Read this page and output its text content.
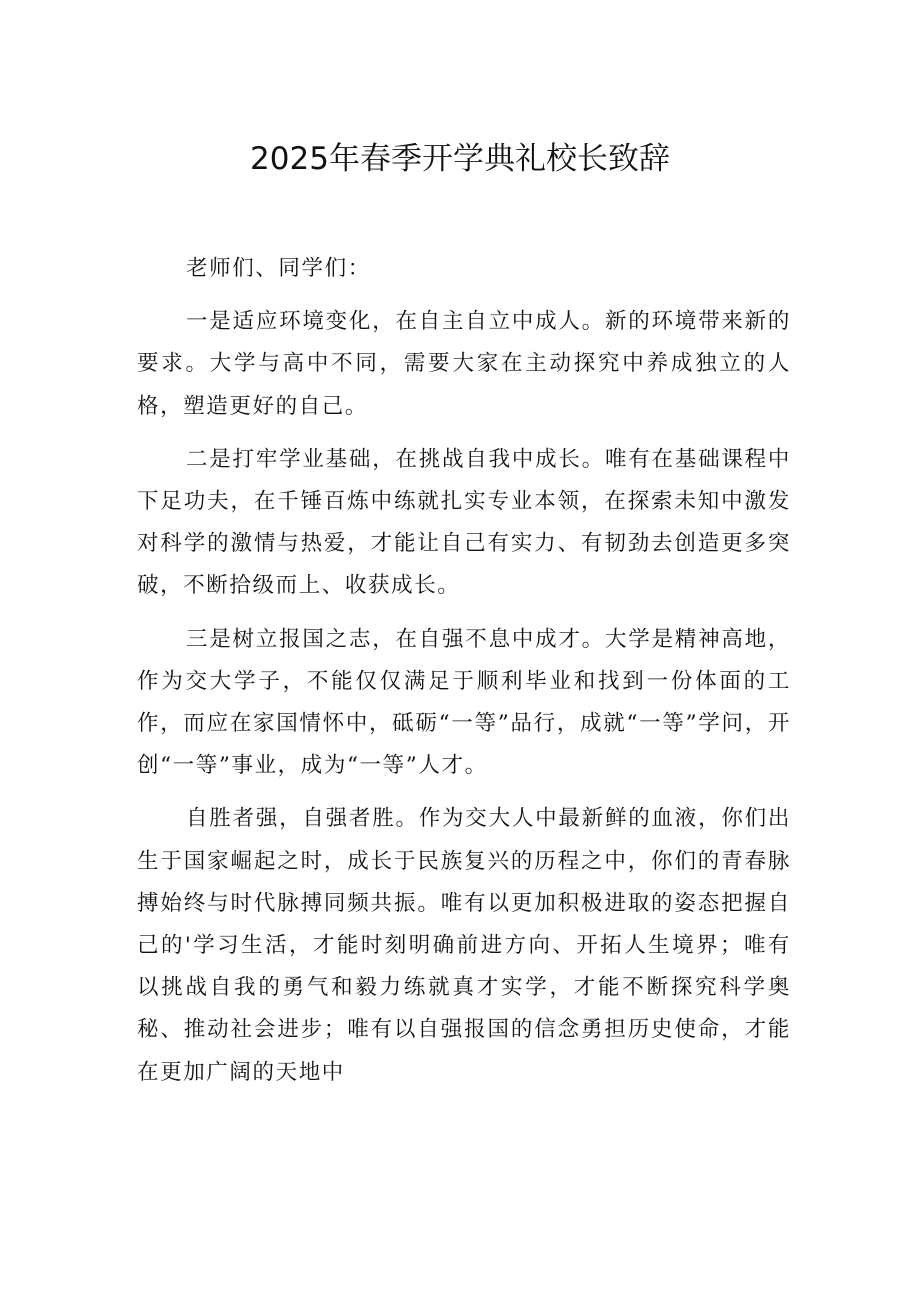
2025年春季开学典礼校长致辞

老师们、同学们：

一是适应环境变化，在自主自立中成人。新的环境带来新的要求。大学与高中不同，需要大家在主动探究中养成独立的人格，塑造更好的自己。

二是打牢学业基础，在挑战自我中成长。唯有在基础课程中下足功夫，在千锤百炼中练就扎实专业本领，在探索未知中激发对科学的激情与热爱，才能让自己有实力、有韧劲去创造更多突破，不断拾级而上、收获成长。

三是树立报国之志，在自强不息中成才。大学是精神高地，作为交大学子，不能仅仅满足于顺利毕业和找到一份体面的工作，而应在家国情怀中，砥砺“一等”品行，成就“一等”学问，开创“一等”事业，成为“一等”人才。

自胜者强，自强者胜。作为交大人中最新鲜的血液，你们出生于国家崛起之时，成长于民族复兴的历程之中，你们的青春脉搏始终与时代脉搏同频共振。唯有以更加积极进取的姿态把握自己的'学习生活，才能时刻明确前进方向、开拓人生境界；唯有以挑战自我的勇气和毅力练就真才实学，才能不断探究科学奥秘、推动社会进步；唯有以自强报国的信念勇担历史使命，才能在更加广阔的天地中
